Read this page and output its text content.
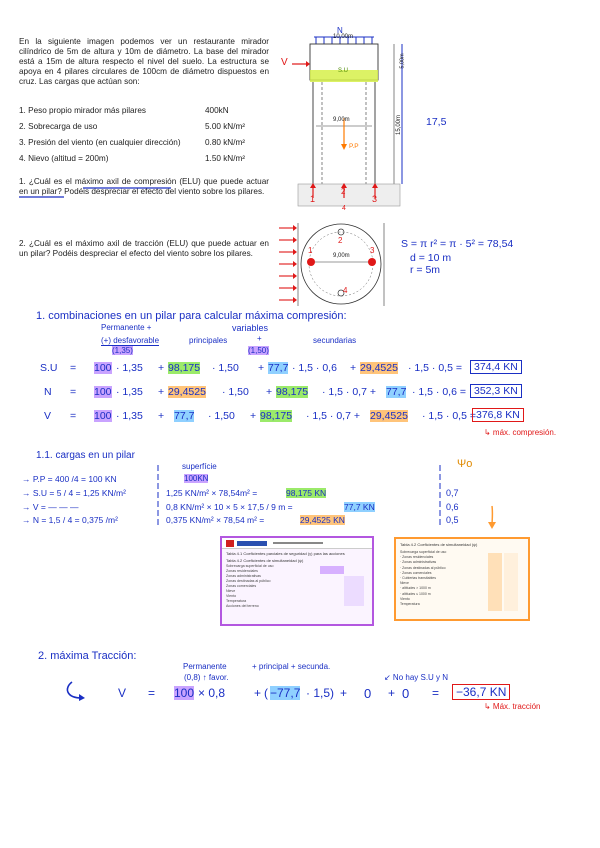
En la siguiente imagen podemos ver un restaurante mirador cilíndrico de 5m de altura y 10m de diámetro. La base del mirador está a 15m de altura respecto el nivel del suelo. La estructura se apoya en 4 pilares circulares de 100cm de diámetro dispuestos en cruz. Las cargas que actúan son:
1. Peso propio mirador más pilares	400kN
2. Sobrecarga de uso	5.00 kN/m²
3. Presión del viento (en cualquier dirección)	0.80 kN/m²
4. Nievo (altitud = 200m)	1.50 kN/m²
1. ¿Cuál es el máximo axil de compresión (ELU) que puede actuar en un pilar? Podéis despreciar el efecto del viento sobre los pilares.
2. ¿Cuál es el máximo axil de tracción (ELU) que puede actuar en un pilar? Podéis despreciar el efecto del viento sobre los pilares.
N
10,00m
V
S.U
5,00m
9,00m
P.P
15,00m 17,5
1
2
3
4
1
2
3
4
9,00m
S = π r² = π · 5² = 78,54
d = 10 m
r = 5m
1. combinaciones en un pilar para calcular máxima compresión:
Permanente +	variables
(+) desfavorable
(1,35)
principales	+
(1,50)
secundarias
S.U = 100 · 1,35 + 98,175 · 1,50 + 77,7 · 1,5 · 0,6 + 29,4525 · 1,5 · 0,5 =	374,4 KN
N = 100 · 1,35 + 29,4525 · 1,50 + 98,175 · 1,5 · 0,7 + 77,7 · 1,5 · 0,6 = 352,3 KN
V = 100 · 1,35 + 77,7 · 1,50 + 98,175 · 1,5 · 0,7 + 29,4525 · 1,5 · 0,5 = 376,8 KN
↳ máx. compresión.
1.1. cargas en un pilar
superfície
100KN
Ψo
→ P.P = 400 /4 = 100 KN
→ S.U = 5 / 4 = 1,25 KN/m²	1,25 KN/m² × 78,54m² =	98,175 KN	0,7
→ V = — — —	0,8 KN/m² × 10 × 5 × 17,5 / 9 m =	77,7 KN	0,6
→ N = 1,5 / 4 = 0,375 /m²	0,375 KN/m² × 78,54 m² =	29,4525 KN	0,5
Tabla 4.1 Coeficientes parciales de seguridad (γ) para las acciones
Tabla 4.2 Coeficientes de simultaneidad (ψ)
Sobrecarga superficial de uso
Zonas residenciales
Zonas administrativas
Zonas destinadas al público
Zonas comerciales
Nieve
Viento
Temperatura
Acciones del terreno
Tabla 4.2 Coeficientes de simultaneidad (ψ)
Sobrecarga superficial de uso
· Zonas residenciales
· Zonas administrativas
· Zonas destinadas al público
· Zonas comerciales
· Cubiertas transitables
Nieve
· altitudes > 1000 m
· altitudes ≤ 1000 m
Viento
Temperatura
2. máxima Tracción:
Permanente	+ principal + secunda.
(0,8) ↑ favor.	↙ No hay S.U y N
V = 100 × 0,8 + ( −77,7 · 1,5) + 0 + 0 =	−36,7 KN
↳ Máx. tracción
